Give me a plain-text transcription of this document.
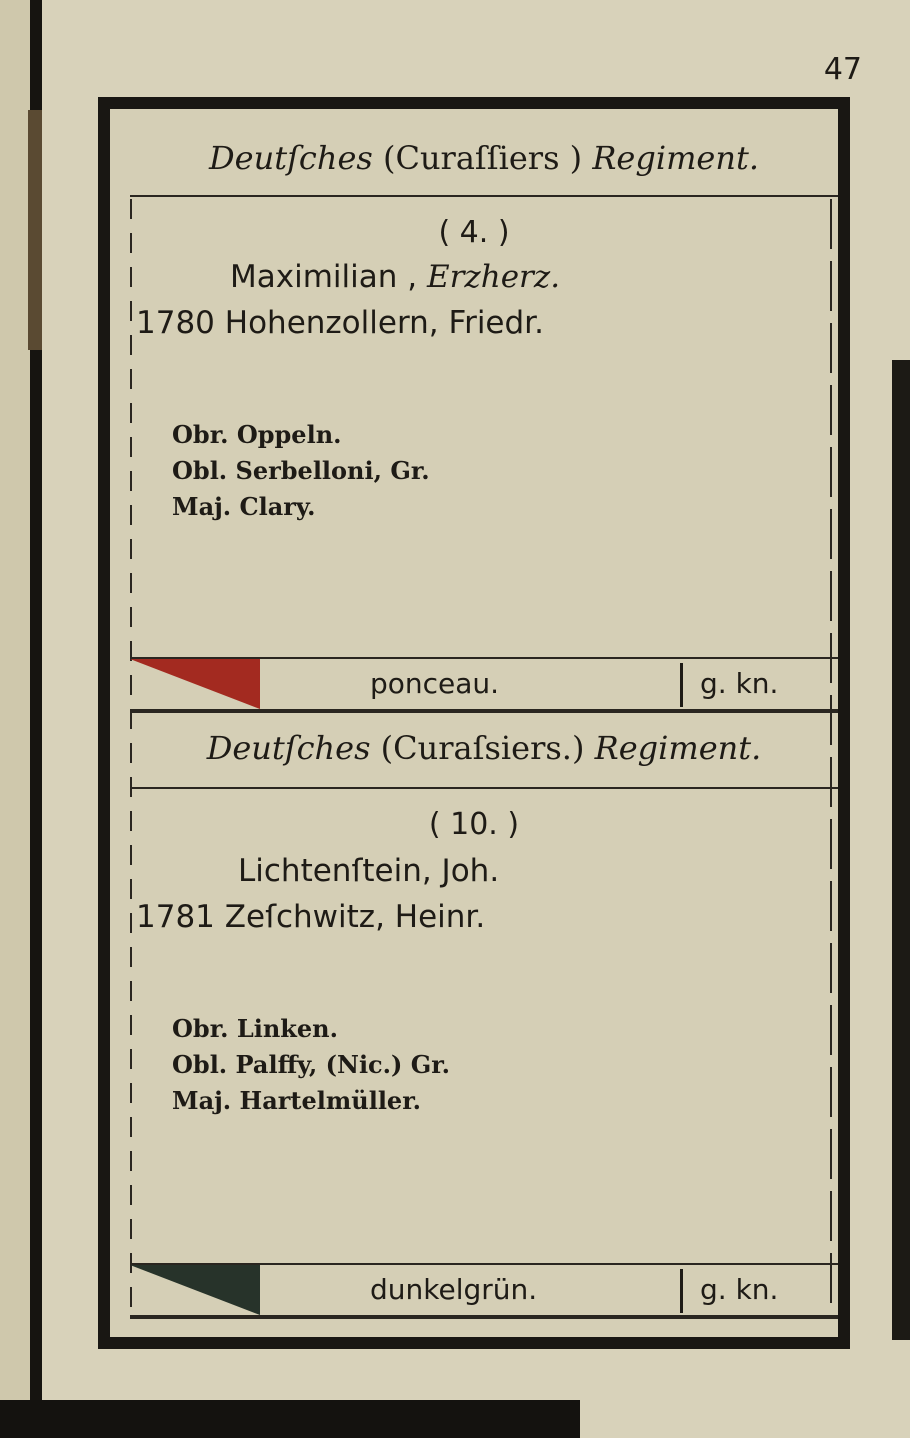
47
Deutſches (Curaſſiers ) Regiment.
( 4. )
Maximilian , Erzherz.
1780 Hohenzollern, Friedr.
Obr. Oppeln.
Obl. Serbelloni, Gr.
Maj. Clary.
ponceau.	g. kn.
Deutſches (Curaſsiers.) Regiment.
( 10. )
Lichtenſtein, Joh.
1781 Zeſchwitz, Heinr.
Obr. Linken.
Obl. Palffy, (Nic.) Gr.
Maj. Hartelmüller.
dunkelgrün.	g. kn.
